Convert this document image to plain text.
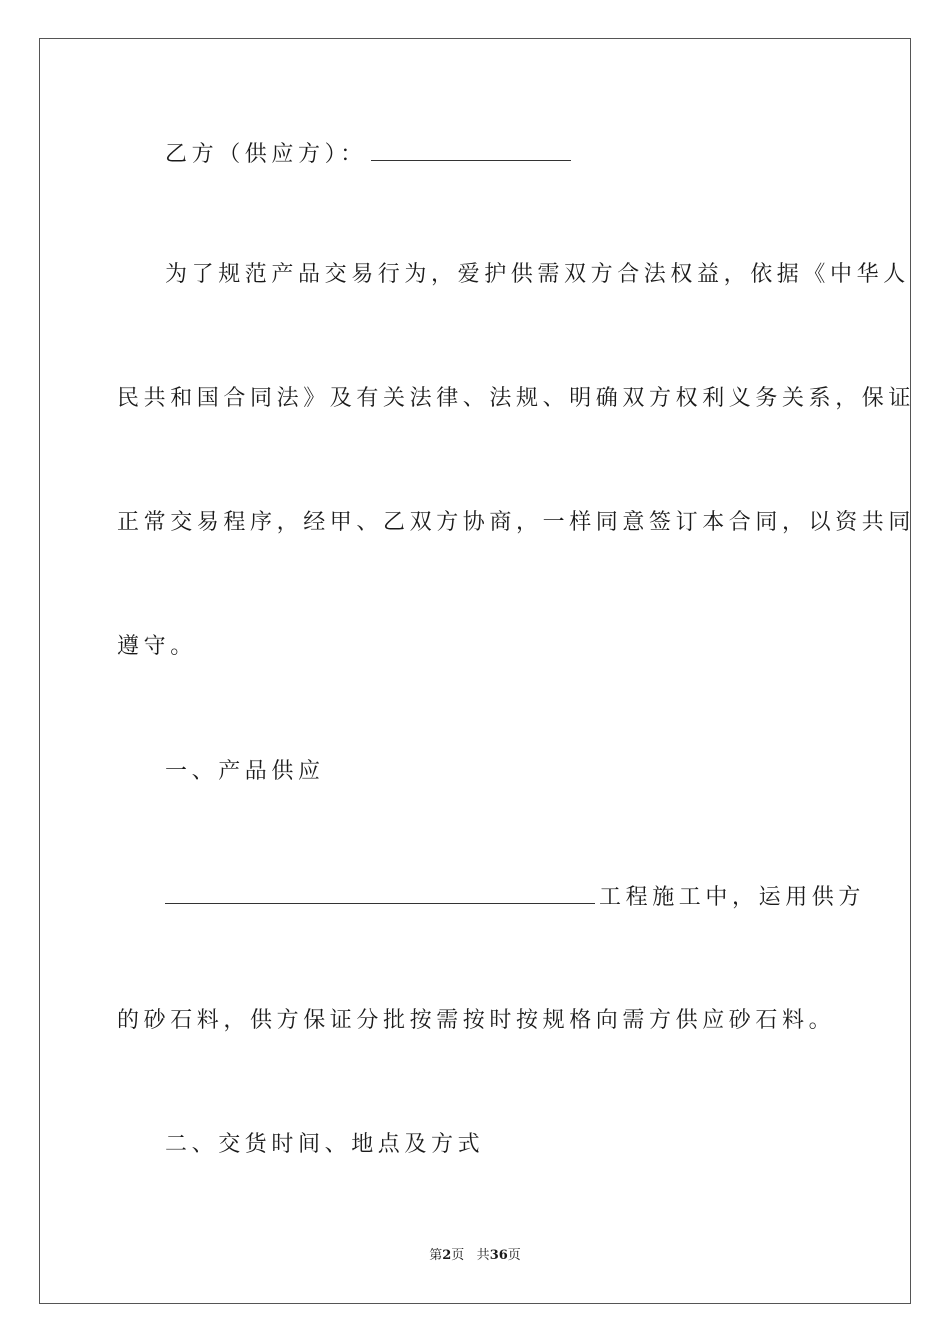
乙方（供应方）：
为了规范产品交易行为，爱护供需双方合法权益，依据《中华人
民共和国合同法》及有关法律、法规、明确双方权利义务关系，保证
正常交易程序，经甲、乙双方协商，一样同意签订本合同，以资共同
遵守。
一、产品供应
工程施工中，运用供方
的砂石料，供方保证分批按需按时按规格向需方供应砂石料。
二、交货时间、地点及方式
第2页 共36页
